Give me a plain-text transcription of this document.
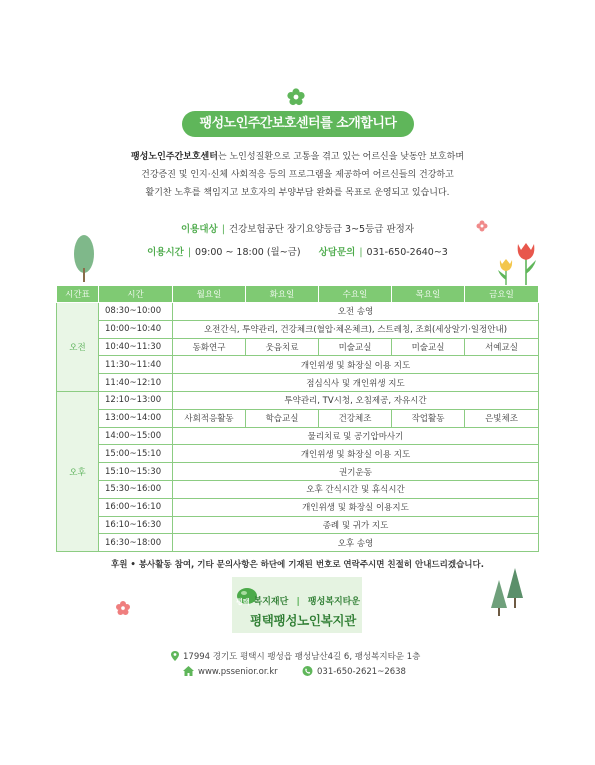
팽성노인주간보호센터를 소개합니다
팽성노인주간보호센터는 노인성질환으로 고통을 겪고 있는 어르신을 낮동안 보호하며
건강증진 및 인지·신체 사회적응 등의 프로그램을 제공하여 어르신들의 건강하고
활기찬 노후를 책임지고 보호자의 부양부담 완화를 목표로 운영되고 있습니다.
이용대상 | 건강보험공단 장기요양등급 3~5등급 판정자
이용시간 | 09:00 ~ 18:00 (월~금) 상담문의 | 031-650-2640~3
시간표	시간	월요일	화요일	수요일	목요일	금요일
오전	08:30~10:00	오전 송영				
	10:00~10:40	오전간식, 투약관리, 건강체크(혈압·체온체크), 스트레칭, 조회(세상알기·일정안내)				
	10:40~11:30	동화연구	웃음치료	미술교실	미술교실	서예교실
	11:30~11:40	개인위생 및 화장실 이용 지도				
	11:40~12:10	점심식사 및 개인위생 지도				
오후	12:10~13:00	투약관리, TV시청, 오침제공, 자유시간				
	13:00~14:00	사회적응활동	학습교실	건강체조	작업활동	은빛체조
	14:00~15:00	물리치료 및 공기압마사기				
	15:00~15:10	개인위생 및 화장실 이용 지도				
	15:10~15:30	권기운동				
	15:30~16:00	오후 간식시간 및 휴식시간				
	16:00~16:10	개인위생 및 화장실 이용지도				
	16:10~16:30	종례 및 귀가 지도				
	16:30~18:00	오후 송영				
후원 • 봉사활동 참여, 기타 문의사항은 하단에 기재된 번호로 연락주시면 친절히 안내드리겠습니다.
평택 복지재단 | 팽성복지타운
평택팽성노인복지관
17994 경기도 평택시 팽성읍 팽성남산4길 6, 팽성복지타운 1층
www.pssenior.or.kr	031-650-2621~2638
